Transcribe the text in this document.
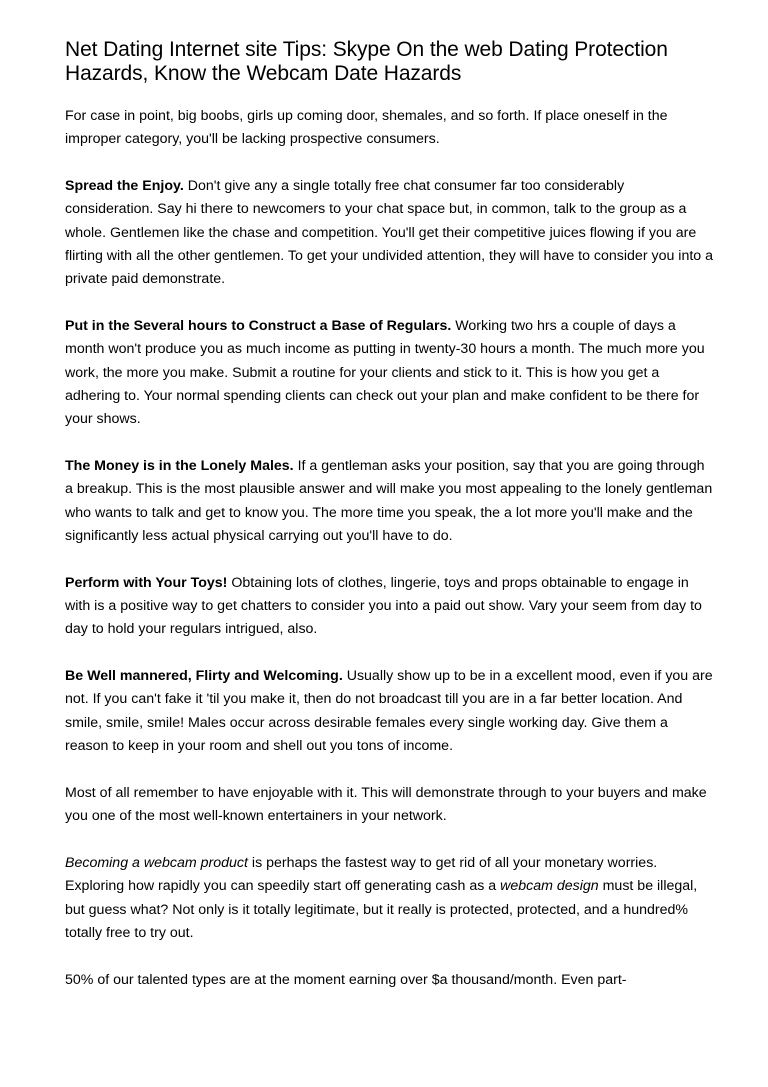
Net Dating Internet site Tips: Skype On the web Dating Protection Hazards, Know the Webcam Date Hazards

For case in point, big boobs, girls up coming door, shemales, and so forth. If place oneself in the improper category, you'll be lacking prospective consumers.

Spread the Enjoy. Don't give any a single totally free chat consumer far too considerably consideration. Say hi there to newcomers to your chat space but, in common, talk to the group as a whole. Gentlemen like the chase and competition. You'll get their competitive juices flowing if you are flirting with all the other gentlemen. To get your undivided attention, they will have to consider you into a private paid demonstrate.

Put in the Several hours to Construct a Base of Regulars. Working two hrs a couple of days a month won't produce you as much income as putting in twenty-30 hours a month. The much more you work, the more you make. Submit a routine for your clients and stick to it. This is how you get a adhering to. Your normal spending clients can check out your plan and make confident to be there for your shows.

The Money is in the Lonely Males. If a gentleman asks your position, say that you are going through a breakup. This is the most plausible answer and will make you most appealing to the lonely gentleman who wants to talk and get to know you. The more time you speak, the a lot more you'll make and the significantly less actual physical carrying out you'll have to do.

Perform with Your Toys! Obtaining lots of clothes, lingerie, toys and props obtainable to engage in with is a positive way to get chatters to consider you into a paid out show. Vary your seem from day to day to hold your regulars intrigued, also.

Be Well mannered, Flirty and Welcoming. Usually show up to be in a excellent mood, even if you are not. If you can't fake it 'til you make it, then do not broadcast till you are in a far better location. And smile, smile, smile! Males occur across desirable females every single working day. Give them a reason to keep in your room and shell out you tons of income.

Most of all remember to have enjoyable with it. This will demonstrate through to your buyers and make you one of the most well-known entertainers in your network.

Becoming a webcam product is perhaps the fastest way to get rid of all your monetary worries. Exploring how rapidly you can speedily start off generating cash as a webcam design must be illegal, but guess what? Not only is it totally legitimate, but it really is protected, protected, and a hundred% totally free to try out.

50% of our talented types are at the moment earning over $a thousand/month. Even part-
